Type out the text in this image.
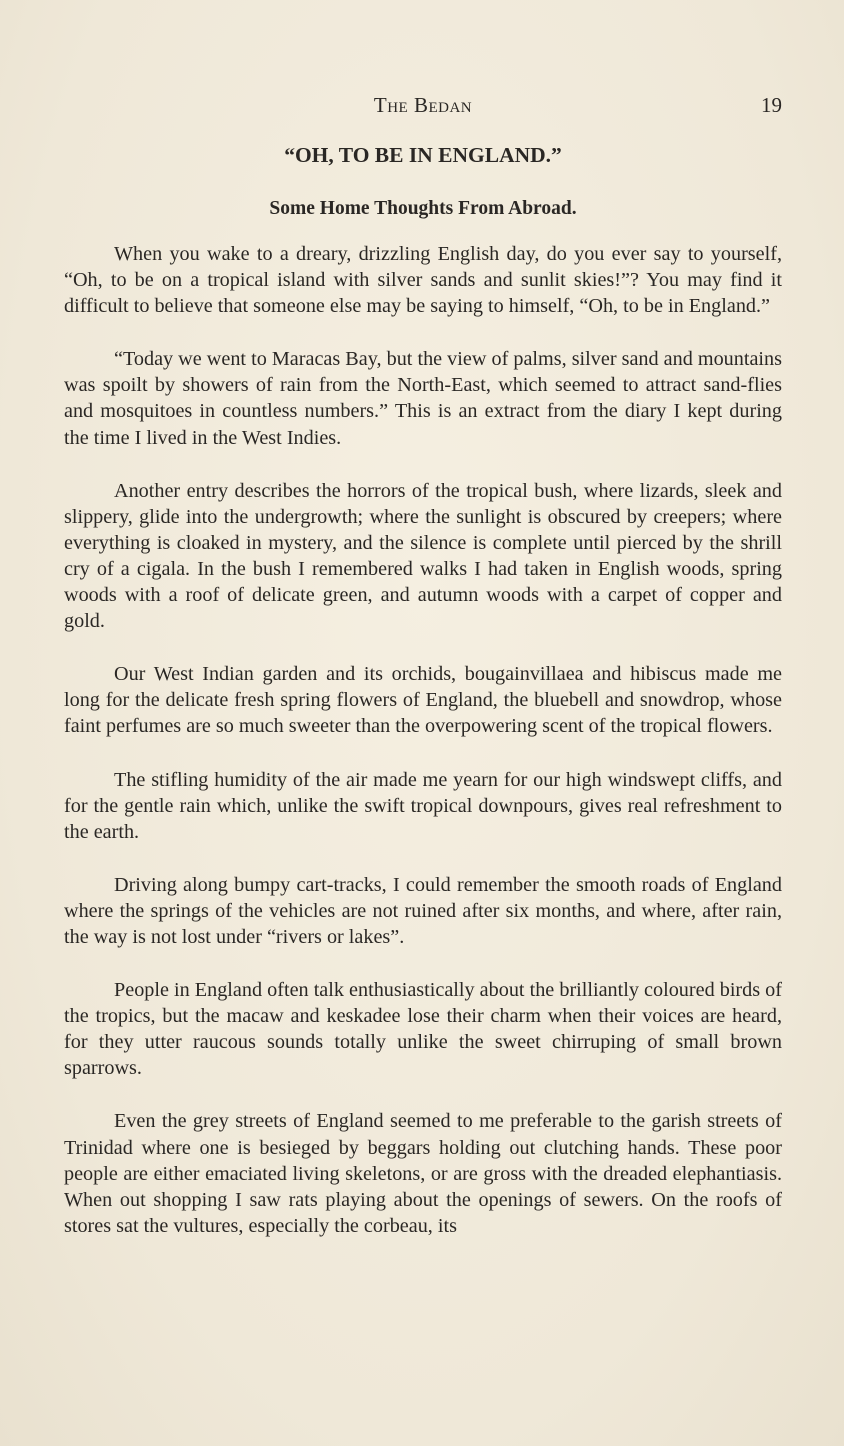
The Bedan	19
“OH, TO BE IN ENGLAND.”
Some Home Thoughts From Abroad.

When you wake to a dreary, drizzling English day, do you ever say to yourself, “Oh, to be on a tropical island with silver sands and sunlit skies!”? You may find it difficult to believe that someone else may be saying to himself, “Oh, to be in England.”

“Today we went to Maracas Bay, but the view of palms, silver sand and mountains was spoilt by showers of rain from the North-East, which seemed to attract sand-flies and mosquitoes in countless numbers.” This is an extract from the diary I kept during the time I lived in the West Indies.

Another entry describes the horrors of the tropical bush, where lizards, sleek and slippery, glide into the undergrowth; where the sunlight is obscured by creepers; where everything is cloaked in mystery, and the silence is complete until pierced by the shrill cry of a cigala. In the bush I remembered walks I had taken in English woods, spring woods with a roof of delicate green, and autumn woods with a carpet of copper and gold.

Our West Indian garden and its orchids, bougainvillaea and hibiscus made me long for the delicate fresh spring flowers of England, the bluebell and snowdrop, whose faint perfumes are so much sweeter than the overpowering scent of the tropical flowers.

The stifling humidity of the air made me yearn for our high windswept cliffs, and for the gentle rain which, unlike the swift tropical downpours, gives real refreshment to the earth.

Driving along bumpy cart-tracks, I could remember the smooth roads of England where the springs of the vehicles are not ruined after six months, and where, after rain, the way is not lost under “rivers or lakes”.

People in England often talk enthusiastically about the brilliantly coloured birds of the tropics, but the macaw and keskadee lose their charm when their voices are heard, for they utter raucous sounds totally unlike the sweet chirruping of small brown sparrows.

Even the grey streets of England seemed to me preferable to the garish streets of Trinidad where one is besieged by beggars holding out clutching hands. These poor people are either emaciated living skeletons, or are gross with the dreaded elephantiasis. When out shopping I saw rats playing about the openings of sewers. On the roofs of stores sat the vultures, especially the corbeau, its
